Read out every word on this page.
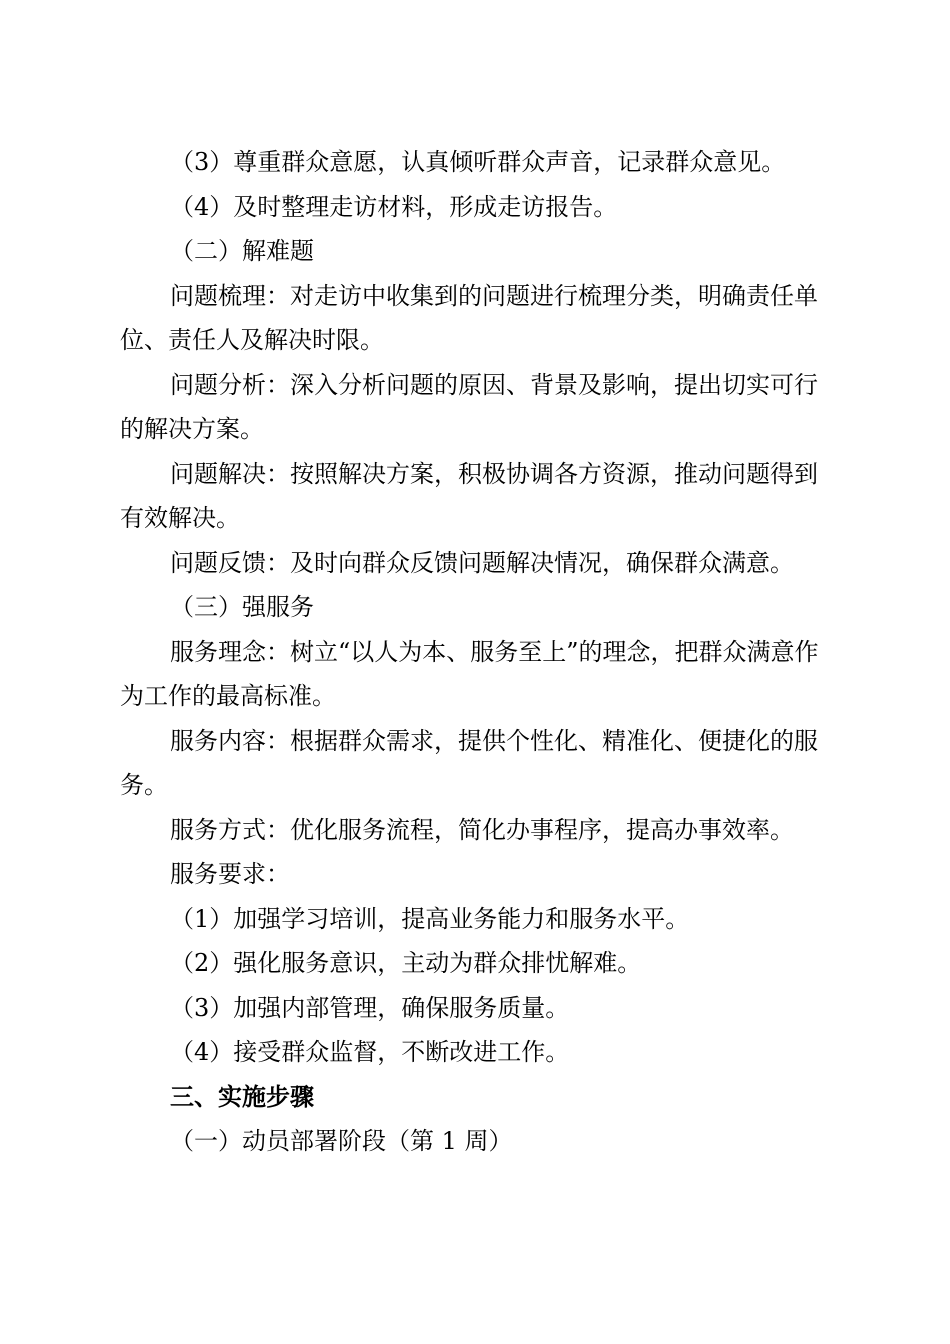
（3）尊重群众意愿，认真倾听群众声音，记录群众意见。

（4）及时整理走访材料，形成走访报告。

（二）解难题

问题梳理：对走访中收集到的问题进行梳理分类，明确责任单位、责任人及解决时限。

问题分析：深入分析问题的原因、背景及影响，提出切实可行的解决方案。

问题解决：按照解决方案，积极协调各方资源，推动问题得到有效解决。

问题反馈：及时向群众反馈问题解决情况，确保群众满意。

（三）强服务

服务理念：树立“以人为本、服务至上”的理念，把群众满意作为工作的最高标准。

服务内容：根据群众需求，提供个性化、精准化、便捷化的服务。

服务方式：优化服务流程，简化办事程序，提高办事效率。

服务要求：

（1）加强学习培训，提高业务能力和服务水平。

（2）强化服务意识，主动为群众排忧解难。

（3）加强内部管理，确保服务质量。

（4）接受群众监督，不断改进工作。

三、实施步骤

（一）动员部署阶段（第 1 周）
